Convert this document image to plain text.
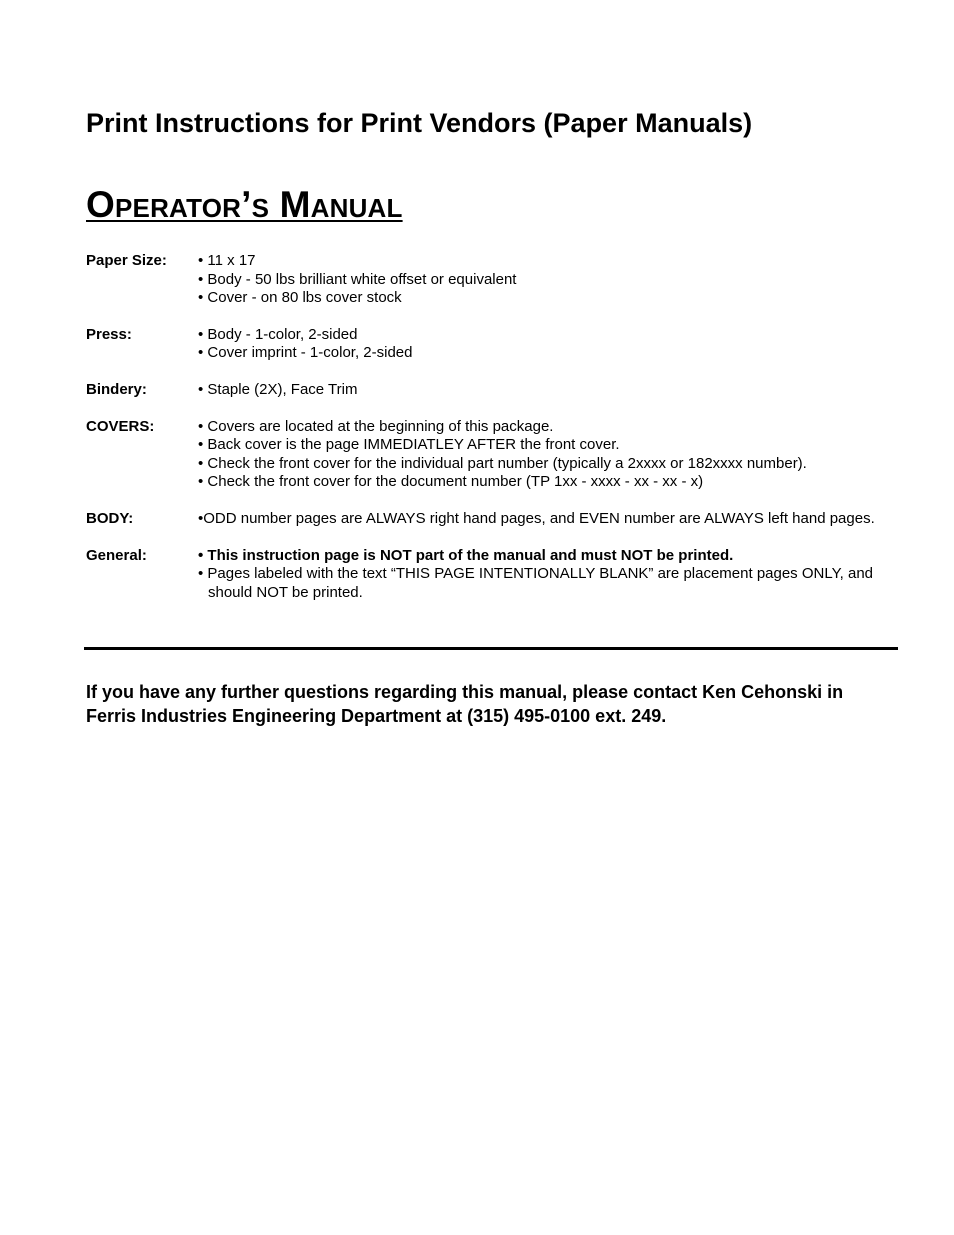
Print Instructions for Print Vendors (Paper Manuals)
Operator’s Manual
Paper Size:	• 11 x 17
• Body - 50 lbs brilliant white offset or equivalent
• Cover - on 80 lbs cover stock
Press:	• Body - 1-color, 2-sided
• Cover imprint - 1-color, 2-sided
Bindery:	• Staple (2X), Face Trim
COVERS:	• Covers are located at the beginning of this package.
• Back cover is the page IMMEDIATLEY AFTER the front cover.
• Check the front cover for the individual part number (typically a 2xxxx or 182xxxx number).
• Check the front cover for the document number (TP 1xx - xxxx - xx - xx - x)
BODY:	•ODD number pages are ALWAYS right hand pages, and EVEN number are ALWAYS left hand pages.
General:	• This instruction page is NOT part of the manual and must NOT be printed.
• Pages labeled with the text “THIS PAGE INTENTIONALLY BLANK” are placement pages ONLY, and should NOT be printed.

If you have any further questions regarding this manual, please contact Ken Cehonski in Ferris Industries Engineering Department at (315) 495-0100 ext. 249.
